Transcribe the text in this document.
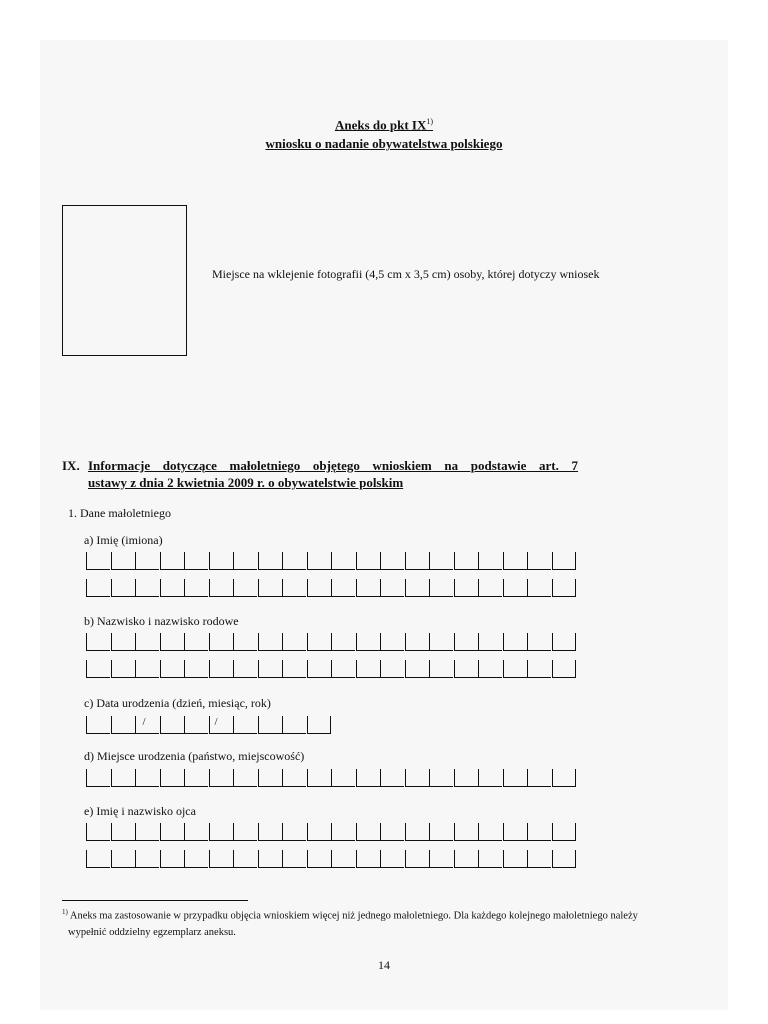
Aneks do pkt IX$^{1)}$
wniosku o nadanie obywatelstwa polskiego
Miejsce na wklejenie fotografii (4,5 cm x 3,5 cm) osoby, której dotyczy wniosek
IX. Informacje dotyczące małoletniego objętego wnioskiem na podstawie art. 7
ustawy z dnia 2 kwietnia 2009 r. o obywatelstwie polskim
1. Dane małoletniego
a) Imię (imiona)
b) Nazwisko i nazwisko rodowe
c) Data urodzenia (dzień, miesiąc, rok)
/	/
d) Miejsce urodzenia (państwo, miejscowość)
e) Imię i nazwisko ojca
$^{1)}$ Aneks ma zastosowanie w przypadku objęcia wnioskiem więcej niż jednego małoletniego. Dla każdego kolejnego małoletniego należy
wypełnić oddzielny egzemplarz aneksu.
14
